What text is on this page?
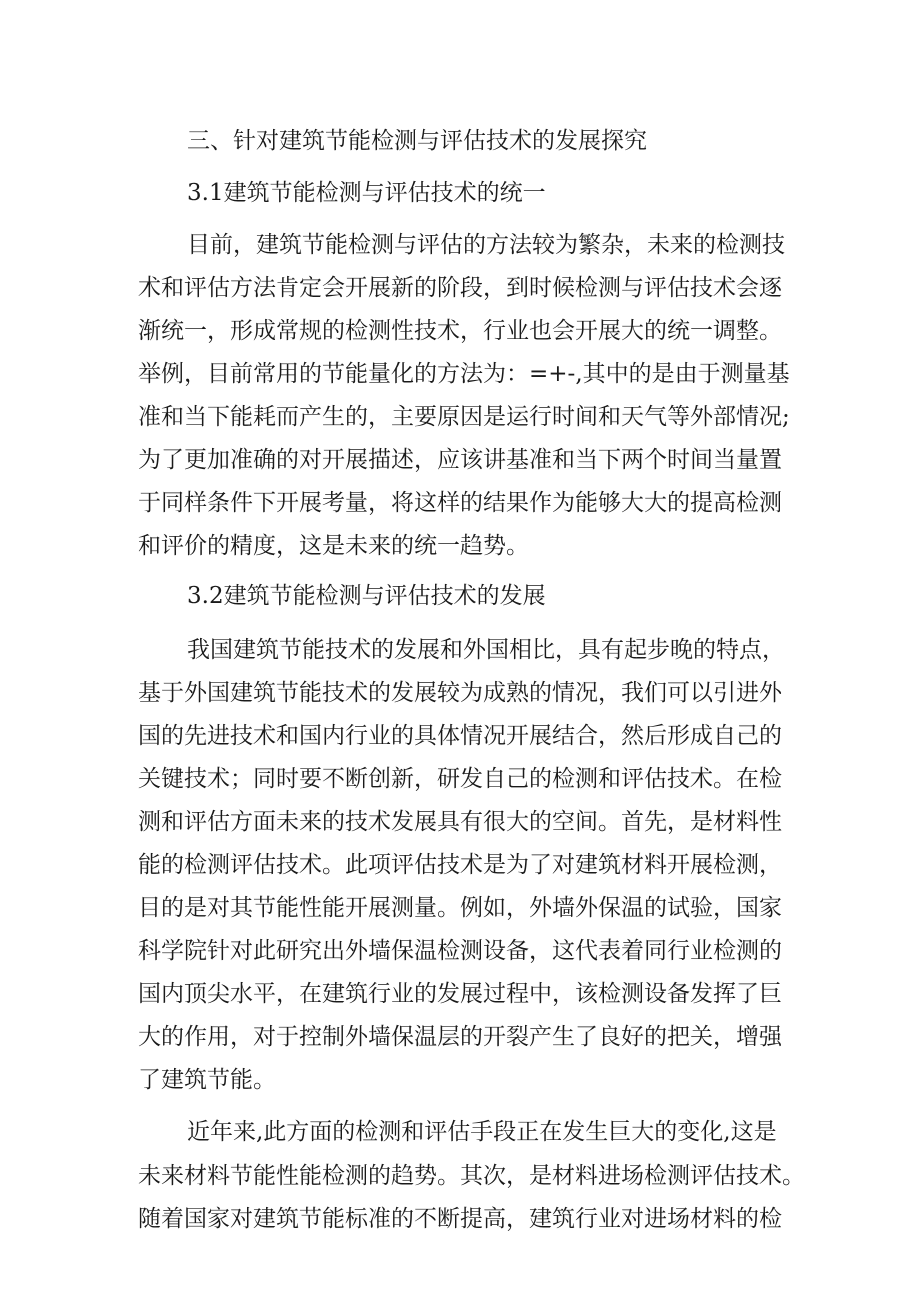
三、针对建筑节能检测与评估技术的发展探究
3.1建筑节能检测与评估技术的统一
目前，建筑节能检测与评估的方法较为繁杂，未来的检测技
术和评估方法肯定会开展新的阶段，到时候检测与评估技术会逐
渐统一，形成常规的检测性技术，行业也会开展大的统一调整。
举例，目前常用的节能量化的方法为：=+-,其中的是由于测量基
准和当下能耗而产生的，主要原因是运行时间和天气等外部情况;
为了更加准确的对开展描述，应该讲基准和当下两个时间当量置
于同样条件下开展考量，将这样的结果作为能够大大的提高检测
和评价的精度，这是未来的统一趋势。
3.2建筑节能检测与评估技术的发展
我国建筑节能技术的发展和外国相比，具有起步晚的特点，
基于外国建筑节能技术的发展较为成熟的情况，我们可以引进外
国的先进技术和国内行业的具体情况开展结合，然后形成自己的
关键技术；同时要不断创新，研发自己的检测和评估技术。在检
测和评估方面未来的技术发展具有很大的空间。首先，是材料性
能的检测评估技术。此项评估技术是为了对建筑材料开展检测，
目的是对其节能性能开展测量。例如，外墙外保温的试验，国家
科学院针对此研究出外墙保温检测设备，这代表着同行业检测的
国内顶尖水平，在建筑行业的发展过程中，该检测设备发挥了巨
大的作用，对于控制外墙保温层的开裂产生了良好的把关，增强
了建筑节能。
近年来,此方面的检测和评估手段正在发生巨大的变化,这是
未来材料节能性能检测的趋势。其次，是材料进场检测评估技术。
随着国家对建筑节能标准的不断提高，建筑行业对进场材料的检
